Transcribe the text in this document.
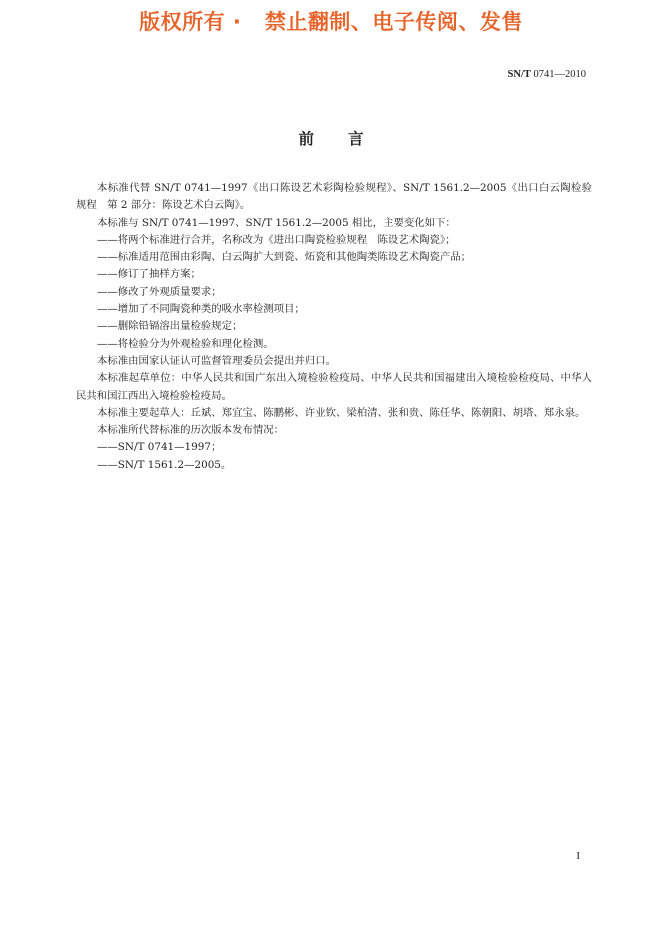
版权所有 ·   禁止翻制、电子传阅、发售
SN/T 0741—2010
前言

本标准代替 SN/T 0741—1997《出口陈设艺术彩陶检验规程》、SN/T 1561.2—2005《出口白云陶检验规程　第 2 部分：陈设艺术白云陶》。

本标准与 SN/T 0741—1997、SN/T 1561.2—2005 相比，主要变化如下：

——将两个标准进行合并，名称改为《进出口陶瓷检验规程　陈设艺术陶瓷》；

——标准适用范围由彩陶、白云陶扩大到瓷、炻瓷和其他陶类陈设艺术陶瓷产品；

——修订了抽样方案；

——修改了外观质量要求；

——增加了不同陶瓷种类的吸水率检测项目；

——删除铅镉溶出量检验规定；

——将检验分为外观检验和理化检测。

本标准由国家认证认可监督管理委员会提出并归口。

本标准起草单位：中华人民共和国广东出入境检验检疫局、中华人民共和国福建出入境检验检疫局、中华人民共和国江西出入境检验检疫局。

本标准主要起草人：丘斌、郑宜宝、陈鹏彬、许业钦、梁柏清、张和贵、陈任华、陈朝阳、胡塔、郑永泉。

本标准所代替标准的历次版本发布情况：

——SN/T 0741—1997；

——SN/T 1561.2—2005。

I
